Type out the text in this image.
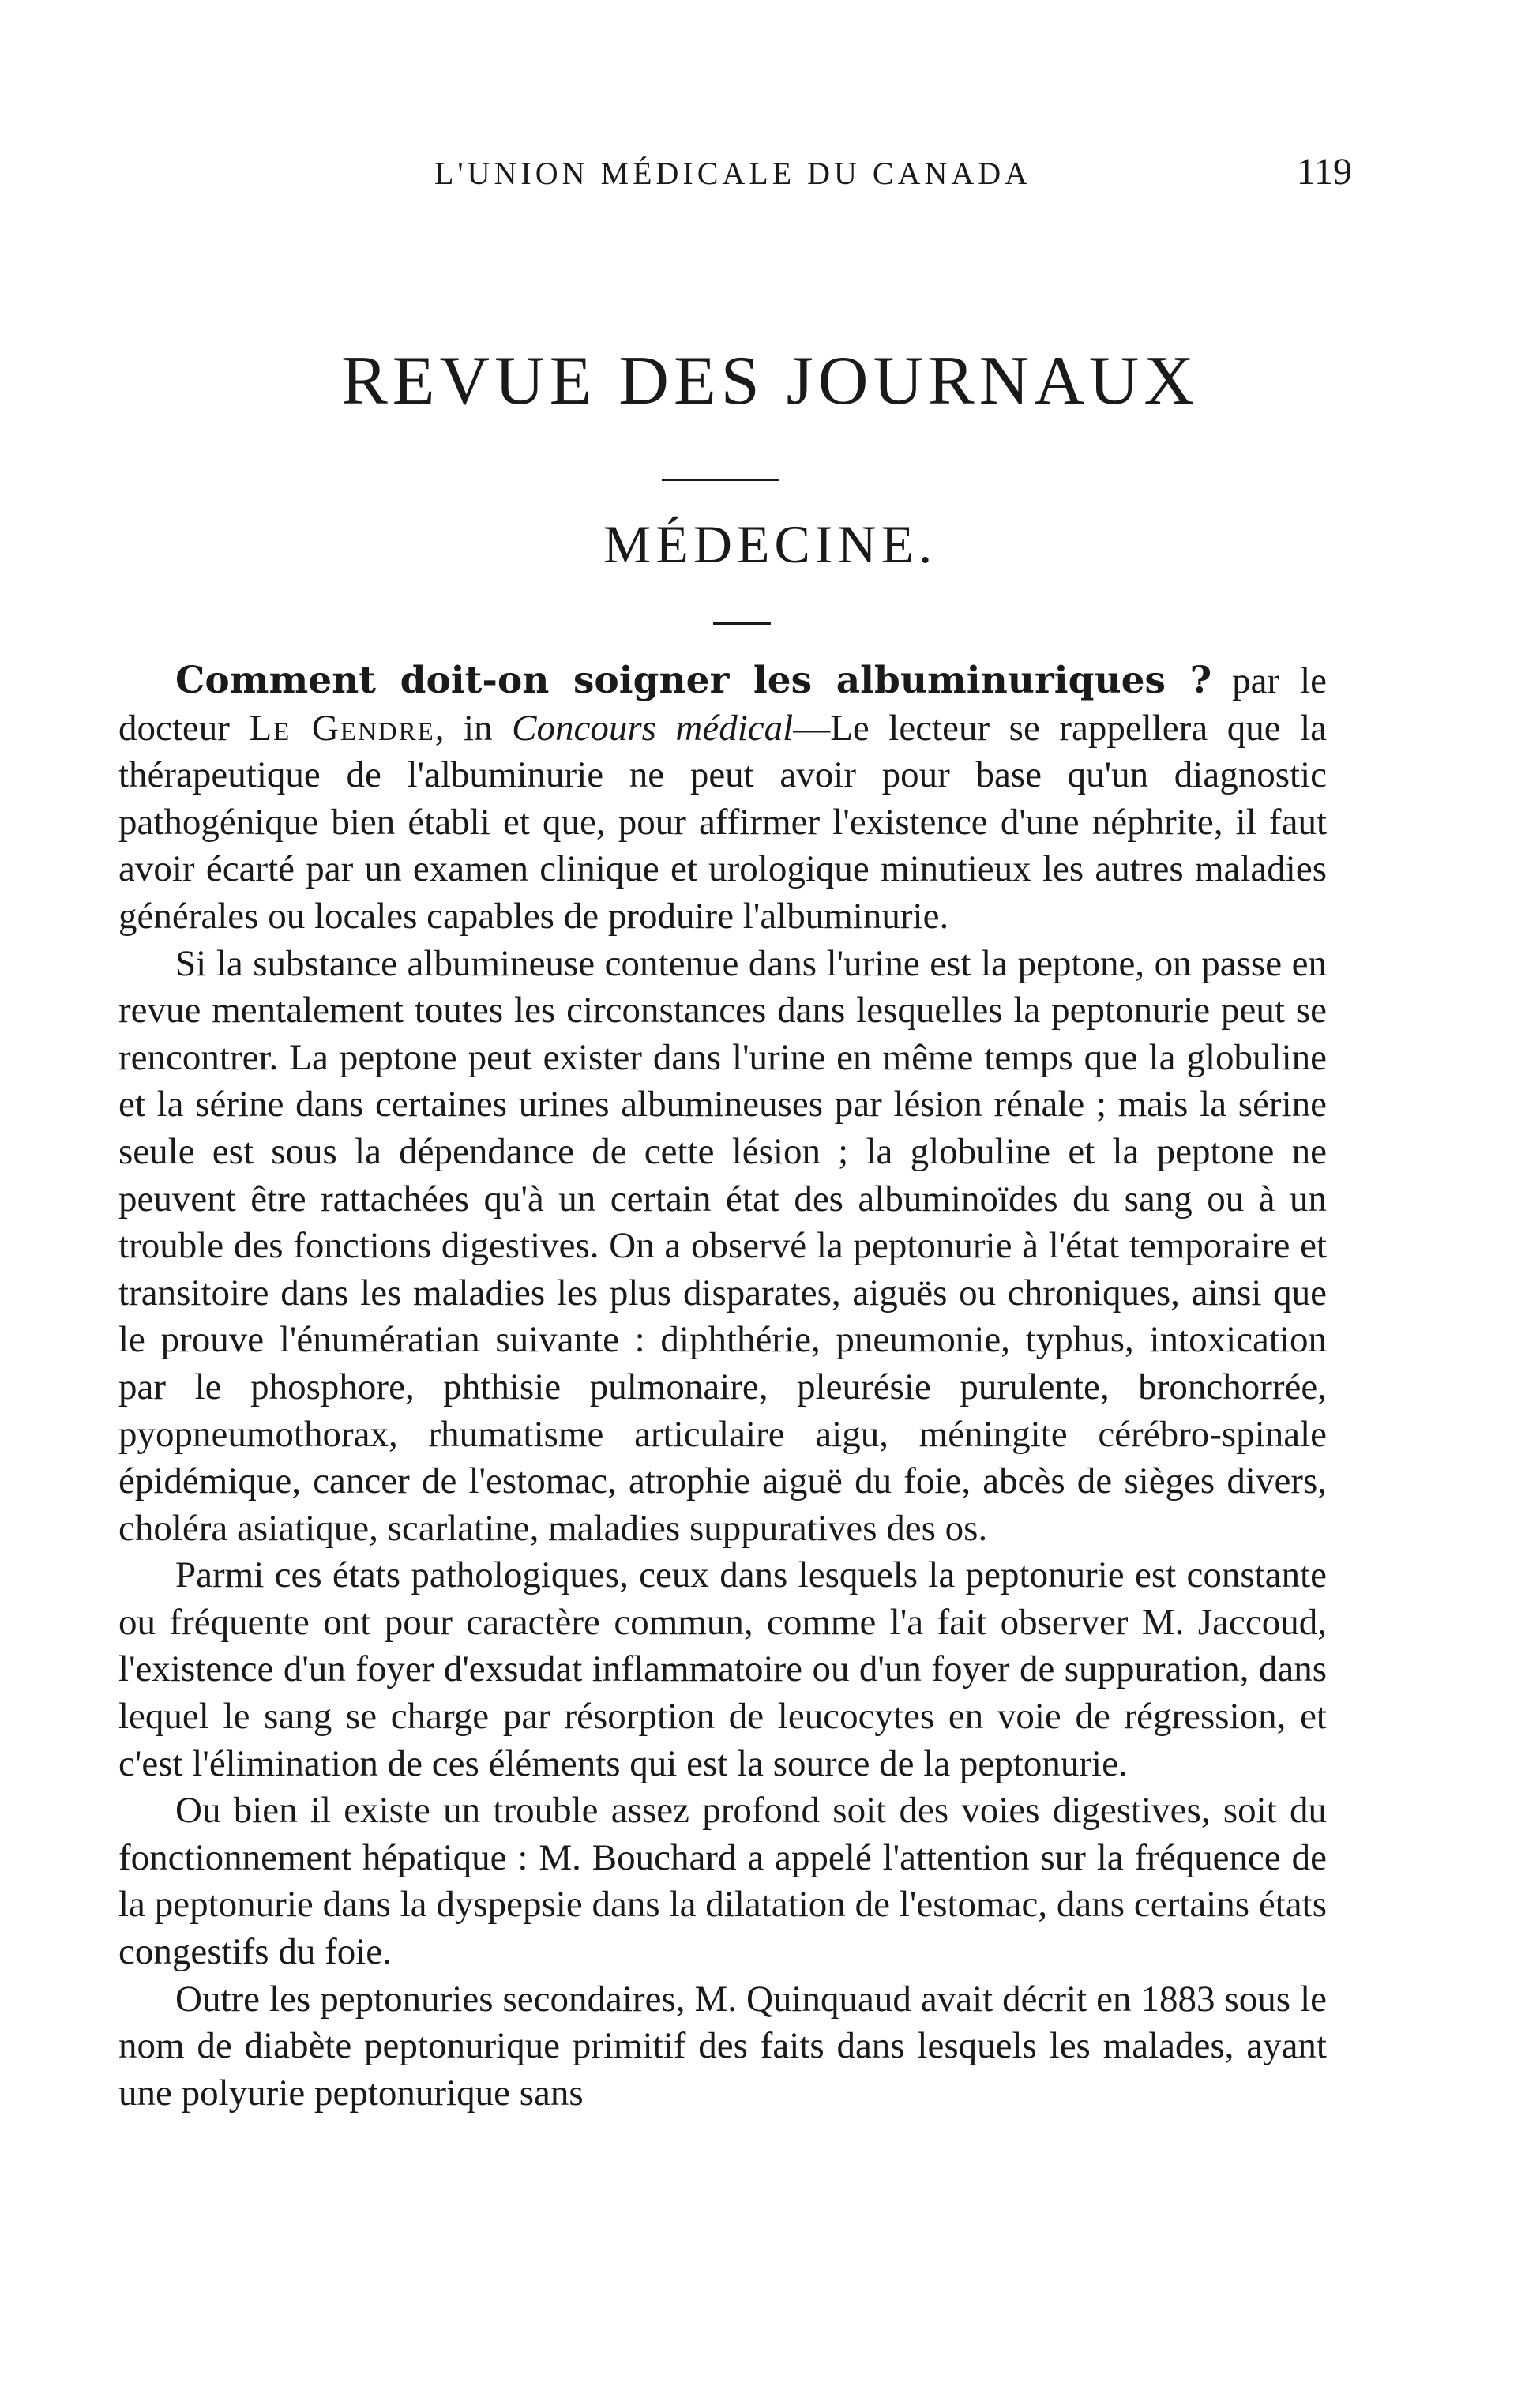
L'UNION MÉDICALE DU CANADA	119
REVUE DES JOURNAUX
MÉDECINE.

Comment doit-on soigner les albuminuriques ? par le docteur Le Gendre, in Concours médical—Le lecteur se rappellera que la thérapeutique de l'albuminurie ne peut avoir pour base qu'un diagnostic pathogénique bien établi et que, pour affirmer l'existence d'une néphrite, il faut avoir écarté par un examen clinique et urologique minutieux les autres maladies générales ou locales capables de produire l'albuminurie.

Si la substance albumineuse contenue dans l'urine est la peptone, on passe en revue mentalement toutes les circonstances dans lesquelles la peptonurie peut se rencontrer. La peptone peut exister dans l'urine en même temps que la globuline et la sérine dans certaines urines albumineuses par lésion rénale ; mais la sérine seule est sous la dépendance de cette lésion ; la globuline et la peptone ne peuvent être rattachées qu'à un certain état des albuminoïdes du sang ou à un trouble des fonctions digestives. On a observé la peptonurie à l'état temporaire et transitoire dans les maladies les plus disparates, aiguës ou chroniques, ainsi que le prouve l'énumératian suivante : diphthérie, pneumonie, typhus, intoxication par le phosphore, phthisie pulmonaire, pleurésie purulente, bronchorrée, pyopneumothorax, rhumatisme articulaire aigu, méningite cérébro-spinale épidémique, cancer de l'estomac, atrophie aiguë du foie, abcès de sièges divers, choléra asiatique, scarlatine, maladies suppuratives des os.

Parmi ces états pathologiques, ceux dans lesquels la peptonurie est constante ou fréquente ont pour caractère commun, comme l'a fait observer M. Jaccoud, l'existence d'un foyer d'exsudat inflammatoire ou d'un foyer de suppuration, dans lequel le sang se charge par résorption de leucocytes en voie de régression, et c'est l'élimination de ces éléments qui est la source de la peptonurie.

Ou bien il existe un trouble assez profond soit des voies digestives, soit du fonctionnement hépatique : M. Bouchard a appelé l'attention sur la fréquence de la peptonurie dans la dyspepsie dans la dilatation de l'estomac, dans certains états congestifs du foie.

Outre les peptonuries secondaires, M. Quinquaud avait décrit en 1883 sous le nom de diabète peptonurique primitif des faits dans lesquels les malades, ayant une polyurie peptonurique sans
